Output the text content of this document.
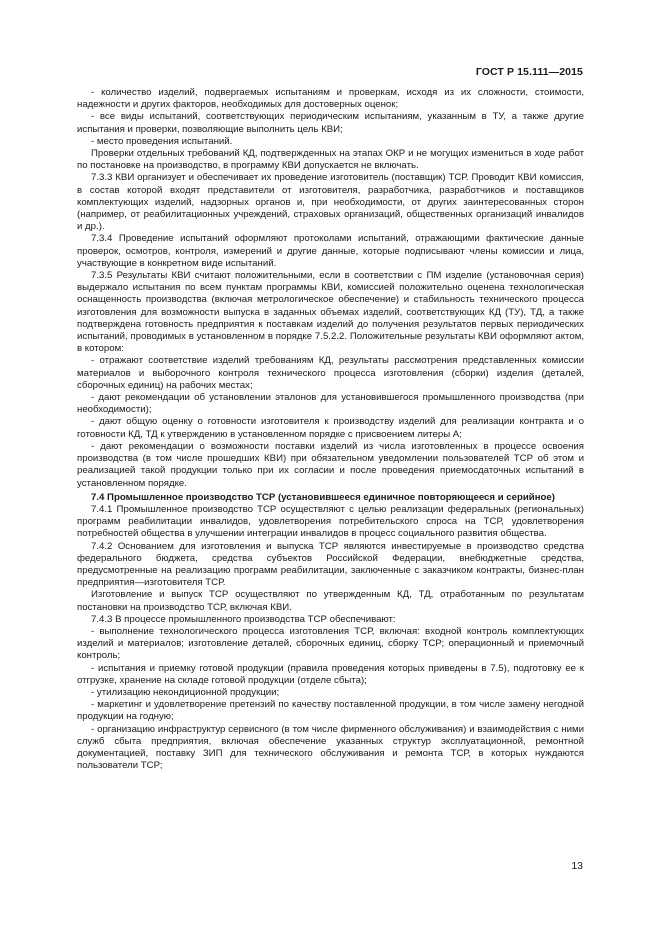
ГОСТ Р 15.111—2015

- количество изделий, подвергаемых испытаниям и проверкам, исходя из их сложности, стоимости, надежности и других факторов, необходимых для достоверных оценок;

- все виды испытаний, соответствующих периодическим испытаниям, указанным в ТУ, а также другие испытания и проверки, позволяющие выполнить цель КВИ;

- место проведения испытаний.

Проверки отдельных требований КД, подтвержденных на этапах ОКР и не могущих измениться в ходе работ по постановке на производство, в программу КВИ допускается не включать.

7.3.3 КВИ организует и обеспечивает их проведение изготовитель (поставщик) ТСР. Проводит КВИ комиссия, в состав которой входят представители от изготовителя, разработчика, разработчиков и поставщиков комплектующих изделий, надзорных органов и, при необходимости, от других заинтересованных сторон (например, от реабилитационных учреждений, страховых организаций, общественных организаций инвалидов и др.).

7.3.4 Проведение испытаний оформляют протоколами испытаний, отражающими фактические данные проверок, осмотров, контроля, измерений и другие данные, которые подписывают члены комиссии и лица, участвующие в конкретном виде испытаний.

7.3.5 Результаты КВИ считают положительными, если в соответствии с ПМ изделие (установочная серия) выдержало испытания по всем пунктам программы КВИ, комиссией положительно оценена технологическая оснащенность производства (включая метрологическое обеспечение) и стабильность технического процесса изготовления для возможности выпуска в заданных объемах изделий, соответствующих КД (ТУ), ТД, а также подтверждена готовность предприятия к поставкам изделий до получения результатов первых периодических испытаний, проводимых в установленном в порядке 7.5.2.2. Положительные результаты КВИ оформляют актом, в котором:

- отражают соответствие изделий требованиям КД, результаты рассмотрения представленных комиссии материалов и выборочного контроля технического процесса изготовления (сборки) изделия (деталей, сборочных единиц) на рабочих местах;

- дают рекомендации об установлении эталонов для установившегося промышленного производства (при необходимости);

- дают общую оценку о готовности изготовителя к производству изделий для реализации контракта и о готовности КД, ТД к утверждению в установленном порядке с присвоением литеры А;

- дают рекомендации о возможности поставки изделий из числа изготовленных в процессе освоения производства (в том числе прошедших КВИ) при обязательном уведомлении пользователей ТСР об этом и реализацией такой продукции только при их согласии и после проведения приемосдаточных испытаний в установленном порядке.

7.4 Промышленное производство ТСР (установившееся единичное повторяющееся и серийное)

7.4.1 Промышленное производство ТСР осуществляют с целью реализации федеральных (региональных) программ реабилитации инвалидов, удовлетворения потребительского спроса на ТСР, удовлетворения потребностей общества в улучшении интеграции инвалидов в процесс социального развития общества.

7.4.2 Основанием для изготовления и выпуска ТСР являются инвестируемые в производство средства федерального бюджета, средства субъектов Российской Федерации, внебюджетные средства, предусмотренные на реализацию программ реабилитации, заключенные с заказчиком контракты, бизнес-план предприятия—изготовителя ТСР.

Изготовление и выпуск ТСР осуществляют по утвержденным КД, ТД, отработанным по результатам постановки на производство ТСР, включая КВИ.

7.4.3 В процессе промышленного производства ТСР обеспечивают:

- выполнение технологического процесса изготовления ТСР, включая: входной контроль комплектующих изделий и материалов; изготовление деталей, сборочных единиц, сборку ТСР; операционный и приемочный контроль;

- испытания и приемку готовой продукции (правила проведения которых приведены в 7.5), подготовку ее к отгрузке, хранение на складе готовой продукции (отделе сбыта);

- утилизацию некондиционной продукции;

- маркетинг и удовлетворение претензий по качеству поставленной продукции, в том числе замену негодной продукции на годную;

- организацию инфраструктур сервисного (в том числе фирменного обслуживания) и взаимодействия с ними служб сбыта предприятия, включая обеспечение указанных структур эксплуатационной, ремонтной документацией, поставку ЗИП для технического обслуживания и ремонта ТСР, в которых нуждаются пользователи ТСР;

13
